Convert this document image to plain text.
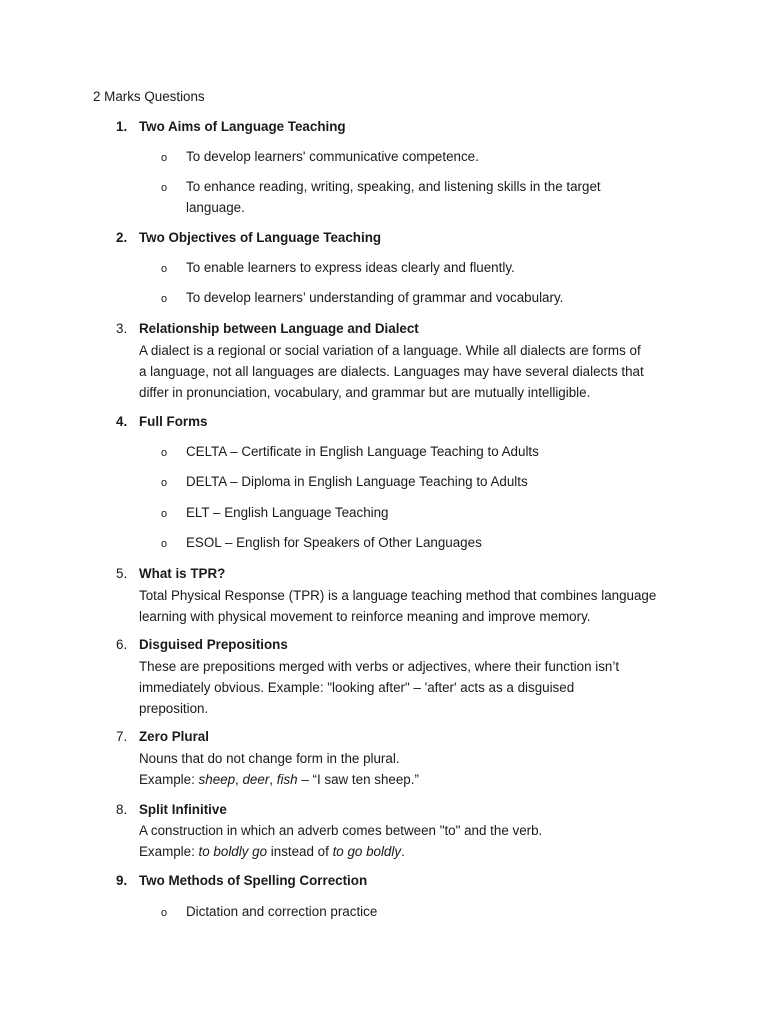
2 Marks Questions
1. Two Aims of Language Teaching
o To develop learners' communicative competence.
o To enhance reading, writing, speaking, and listening skills in the target language.
2. Two Objectives of Language Teaching
o To enable learners to express ideas clearly and fluently.
o To develop learners’ understanding of grammar and vocabulary.
3. Relationship between Language and Dialect
A dialect is a regional or social variation of a language. While all dialects are forms of
a language, not all languages are dialects. Languages may have several dialects that
differ in pronunciation, vocabulary, and grammar but are mutually intelligible.
4. Full Forms
o CELTA – Certificate in English Language Teaching to Adults
o DELTA – Diploma in English Language Teaching to Adults
o ELT – English Language Teaching
o ESOL – English for Speakers of Other Languages
5. What is TPR?
Total Physical Response (TPR) is a language teaching method that combines language
learning with physical movement to reinforce meaning and improve memory.
6. Disguised Prepositions
These are prepositions merged with verbs or adjectives, where their function isn’t
immediately obvious. Example: "looking after" – 'after' acts as a disguised
preposition.
7. Zero Plural
Nouns that do not change form in the plural.
Example: sheep, deer, fish – “I saw ten sheep.”
8. Split Infinitive
A construction in which an adverb comes between "to" and the verb.
Example: to boldly go instead of to go boldly.
9. Two Methods of Spelling Correction
o Dictation and correction practice
